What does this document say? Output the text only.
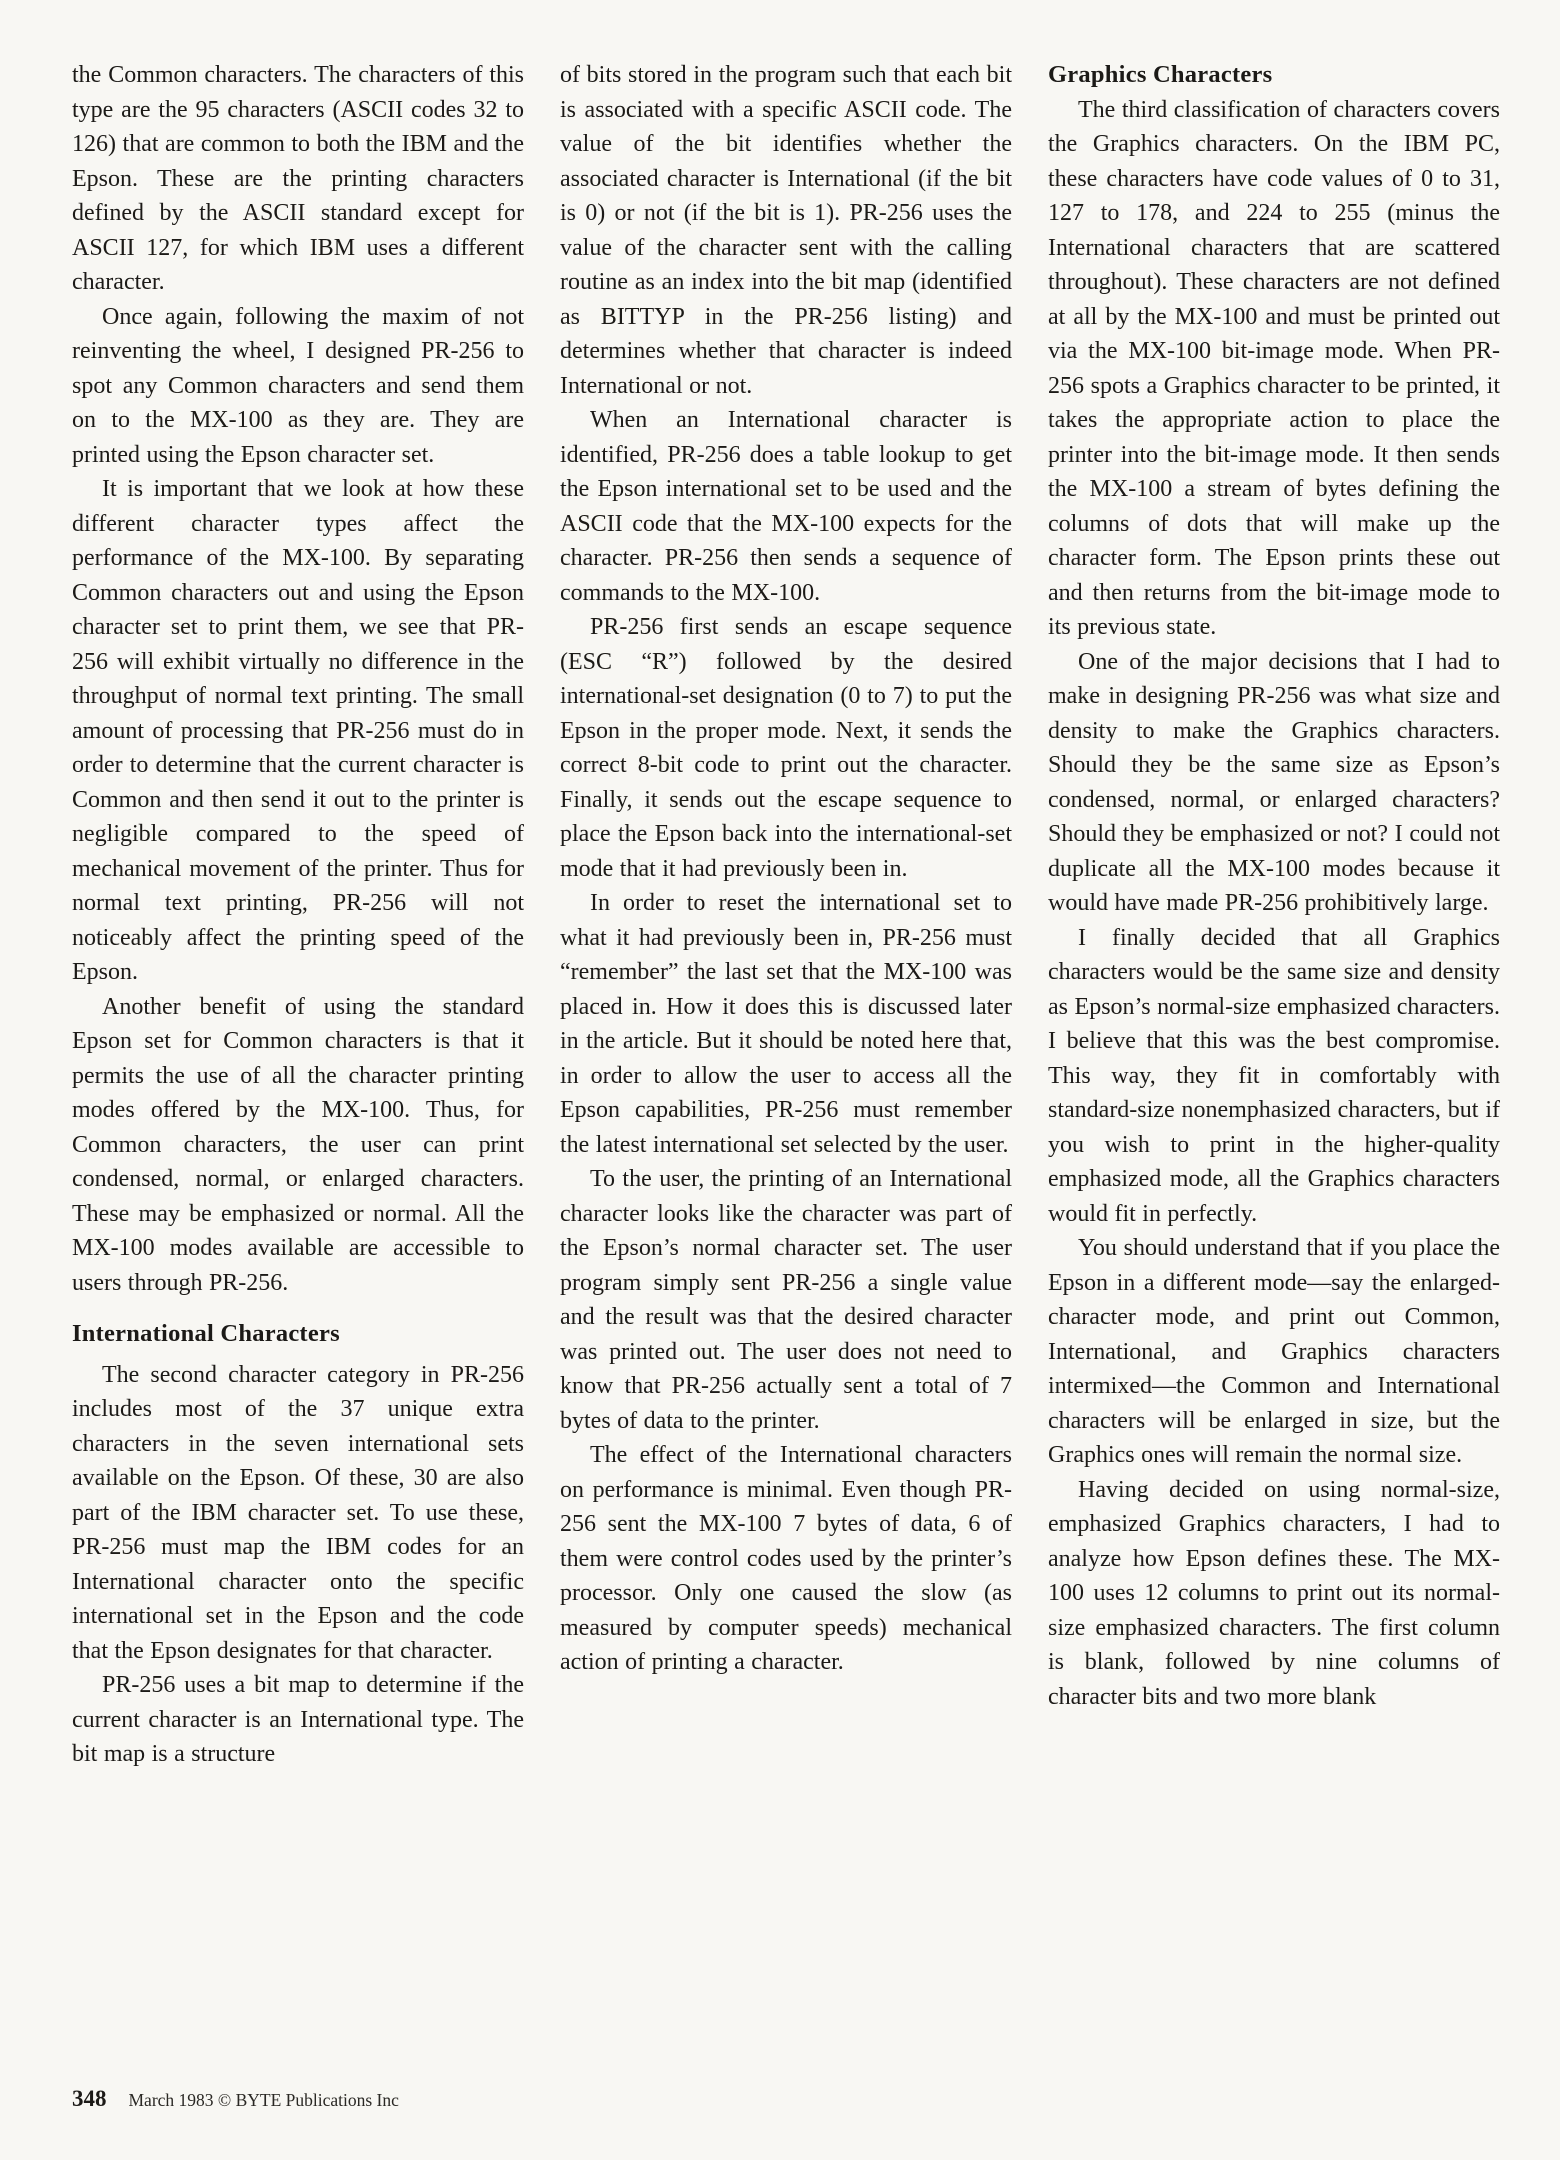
the Common characters. The characters of this type are the 95 characters (ASCII codes 32 to 126) that are common to both the IBM and the Epson. These are the printing characters defined by the ASCII standard except for ASCII 127, for which IBM uses a different character.

Once again, following the maxim of not reinventing the wheel, I designed PR-256 to spot any Common characters and send them on to the MX-100 as they are. They are printed using the Epson character set.

It is important that we look at how these different character types affect the performance of the MX-100. By separating Common characters out and using the Epson character set to print them, we see that PR-256 will exhibit virtually no difference in the throughput of normal text printing. The small amount of processing that PR-256 must do in order to determine that the current character is Common and then send it out to the printer is negligible compared to the speed of mechanical movement of the printer. Thus for normal text printing, PR-256 will not noticeably affect the printing speed of the Epson.

Another benefit of using the standard Epson set for Common characters is that it permits the use of all the character printing modes offered by the MX-100. Thus, for Common characters, the user can print condensed, normal, or enlarged characters. These may be emphasized or normal. All the MX-100 modes available are accessible to users through PR-256.

International Characters

The second character category in PR-256 includes most of the 37 unique extra characters in the seven international sets available on the Epson. Of these, 30 are also part of the IBM character set. To use these, PR-256 must map the IBM codes for an International character onto the specific international set in the Epson and the code that the Epson designates for that character.

PR-256 uses a bit map to determine if the current character is an International type. The bit map is a structure

of bits stored in the program such that each bit is associated with a specific ASCII code. The value of the bit identifies whether the associated character is International (if the bit is 0) or not (if the bit is 1). PR-256 uses the value of the character sent with the calling routine as an index into the bit map (identified as BITTYP in the PR-256 listing) and determines whether that character is indeed International or not.

When an International character is identified, PR-256 does a table lookup to get the Epson international set to be used and the ASCII code that the MX-100 expects for the character. PR-256 then sends a sequence of commands to the MX-100.

PR-256 first sends an escape sequence (ESC “R”) followed by the desired international-set designation (0 to 7) to put the Epson in the proper mode. Next, it sends the correct 8-bit code to print out the character. Finally, it sends out the escape sequence to place the Epson back into the international-set mode that it had previously been in.

In order to reset the international set to what it had previously been in, PR-256 must “remember” the last set that the MX-100 was placed in. How it does this is discussed later in the article. But it should be noted here that, in order to allow the user to access all the Epson capabilities, PR-256 must remember the latest international set selected by the user.

To the user, the printing of an International character looks like the character was part of the Epson’s normal character set. The user program simply sent PR-256 a single value and the result was that the desired character was printed out. The user does not need to know that PR-256 actually sent a total of 7 bytes of data to the printer.

The effect of the International characters on performance is minimal. Even though PR-256 sent the MX-100 7 bytes of data, 6 of them were control codes used by the printer’s processor. Only one caused the slow (as measured by computer speeds) mechanical action of printing a character.

Graphics Characters

The third classification of characters covers the Graphics characters. On the IBM PC, these characters have code values of 0 to 31, 127 to 178, and 224 to 255 (minus the International characters that are scattered throughout). These characters are not defined at all by the MX-100 and must be printed out via the MX-100 bit-image mode. When PR-256 spots a Graphics character to be printed, it takes the appropriate action to place the printer into the bit-image mode. It then sends the MX-100 a stream of bytes defining the columns of dots that will make up the character form. The Epson prints these out and then returns from the bit-image mode to its previous state.

One of the major decisions that I had to make in designing PR-256 was what size and density to make the Graphics characters. Should they be the same size as Epson’s condensed, normal, or enlarged characters? Should they be emphasized or not? I could not duplicate all the MX-100 modes because it would have made PR-256 prohibitively large.

I finally decided that all Graphics characters would be the same size and density as Epson’s normal-size emphasized characters. I believe that this was the best compromise. This way, they fit in comfortably with standard-size nonemphasized characters, but if you wish to print in the higher-quality emphasized mode, all the Graphics characters would fit in perfectly.

You should understand that if you place the Epson in a different mode—say the enlarged-character mode, and print out Common, International, and Graphics characters intermixed—the Common and International characters will be enlarged in size, but the Graphics ones will remain the normal size.

Having decided on using normal-size, emphasized Graphics characters, I had to analyze how Epson defines these. The MX-100 uses 12 columns to print out its normal-size emphasized characters. The first column is blank, followed by nine columns of character bits and two more blank

348 March 1983 © BYTE Publications Inc
